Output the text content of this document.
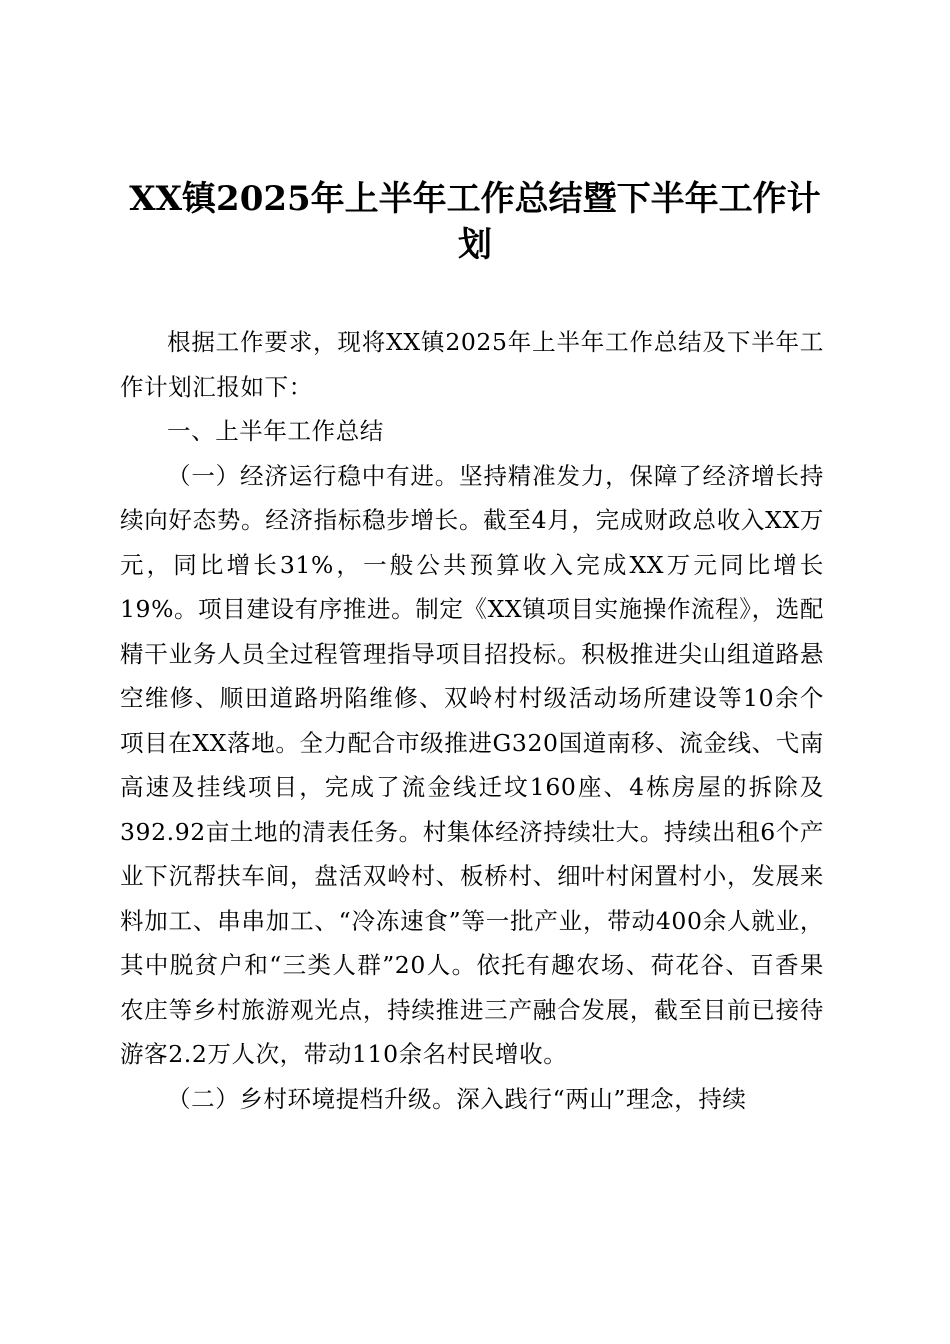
XX镇2025年上半年工作总结暨下半年工作计
划

根据工作要求，现将XX镇2025年上半年工作总结及下半年工作计划汇报如下：

一、上半年工作总结

（一）经济运行稳中有进。坚持精准发力，保障了经济增长持续向好态势。经济指标稳步增长。截至4月，完成财政总收入XX万元，同比增长31%，一般公共预算收入完成XX万元同比增长19%。项目建设有序推进。制定《XX镇项目实施操作流程》，选配精干业务人员全过程管理指导项目招投标。积极推进尖山组道路悬空维修、顺田道路坍陷维修、双岭村村级活动场所建设等10余个项目在XX落地。全力配合市级推进G320国道南移、流金线、弋南高速及挂线项目，完成了流金线迁坟160座、4栋房屋的拆除及392.92亩土地的清表任务。村集体经济持续壮大。持续出租6个产业下沉帮扶车间，盘活双岭村、板桥村、细叶村闲置村小，发展来料加工、串串加工、“冷冻速食”等一批产业，带动400余人就业，其中脱贫户和“三类人群”20人。依托有趣农场、荷花谷、百香果农庄等乡村旅游观光点，持续推进三产融合发展，截至目前已接待游客2.2万人次，带动110余名村民增收。

（二）乡村环境提档升级。深入践行“两山”理念，持续
